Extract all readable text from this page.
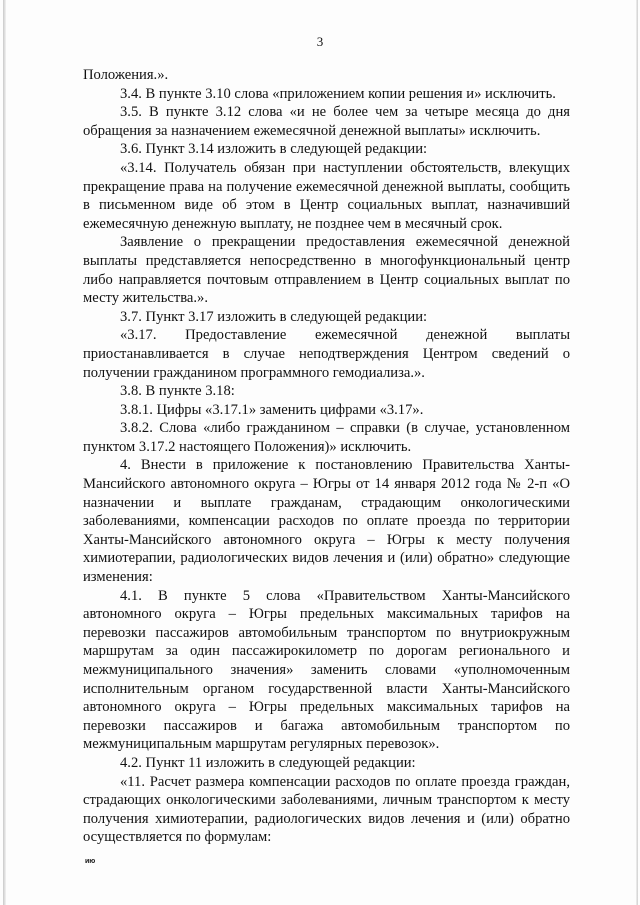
3

Положения.».

3.4. В пункте 3.10 слова «приложением копии решения и» исключить.

3.5. В пункте 3.12 слова «и не более чем за четыре месяца до дня обращения за назначением ежемесячной денежной выплаты» исключить.

3.6. Пункт 3.14 изложить в следующей редакции:

«3.14. Получатель обязан при наступлении обстоятельств, влекущих прекращение права на получение ежемесячной денежной выплаты, сообщить в письменном виде об этом в Центр социальных выплат, назначивший ежемесячную денежную выплату, не позднее чем в месячный срок.

Заявление о прекращении предоставления ежемесячной денежной выплаты представляется непосредственно в многофункциональный центр либо направляется почтовым отправлением в Центр социальных выплат по месту жительства.».

3.7. Пункт 3.17 изложить в следующей редакции:

«3.17. Предоставление ежемесячной денежной выплаты приостанавливается в случае неподтверждения Центром сведений о получении гражданином программного гемодиализа.».

3.8. В пункте 3.18:

3.8.1. Цифры «3.17.1» заменить цифрами «3.17».

3.8.2. Слова «либо гражданином – справки (в случае, установленном пунктом 3.17.2 настоящего Положения)» исключить.

4. Внести в приложение к постановлению Правительства Ханты-Мансийского автономного округа – Югры от 14 января 2012 года № 2-п «О назначении и выплате гражданам, страдающим онкологическими заболеваниями, компенсации расходов по оплате проезда по территории Ханты-Мансийского автономного округа – Югры к месту получения химиотерапии, радиологических видов лечения и (или) обратно» следующие изменения:

4.1. В пункте 5 слова «Правительством Ханты-Мансийского автономного округа – Югры предельных максимальных тарифов на перевозки пассажиров автомобильным транспортом по внутриокружным маршрутам за один пассажирокилометр по дорогам регионального и межмуниципального значения» заменить словами «уполномоченным исполнительным органом государственной власти Ханты-Мансийского автономного округа – Югры предельных максимальных тарифов на перевозки пассажиров и багажа автомобильным транспортом по межмуниципальным маршрутам регулярных перевозок».

4.2. Пункт 11 изложить в следующей редакции:

«11. Расчет размера компенсации расходов по оплате проезда граждан, страдающих онкологическими заболеваниями, личным транспортом к месту получения химиотерапии, радиологических видов лечения и (или) обратно осуществляется по формулам:

ию
